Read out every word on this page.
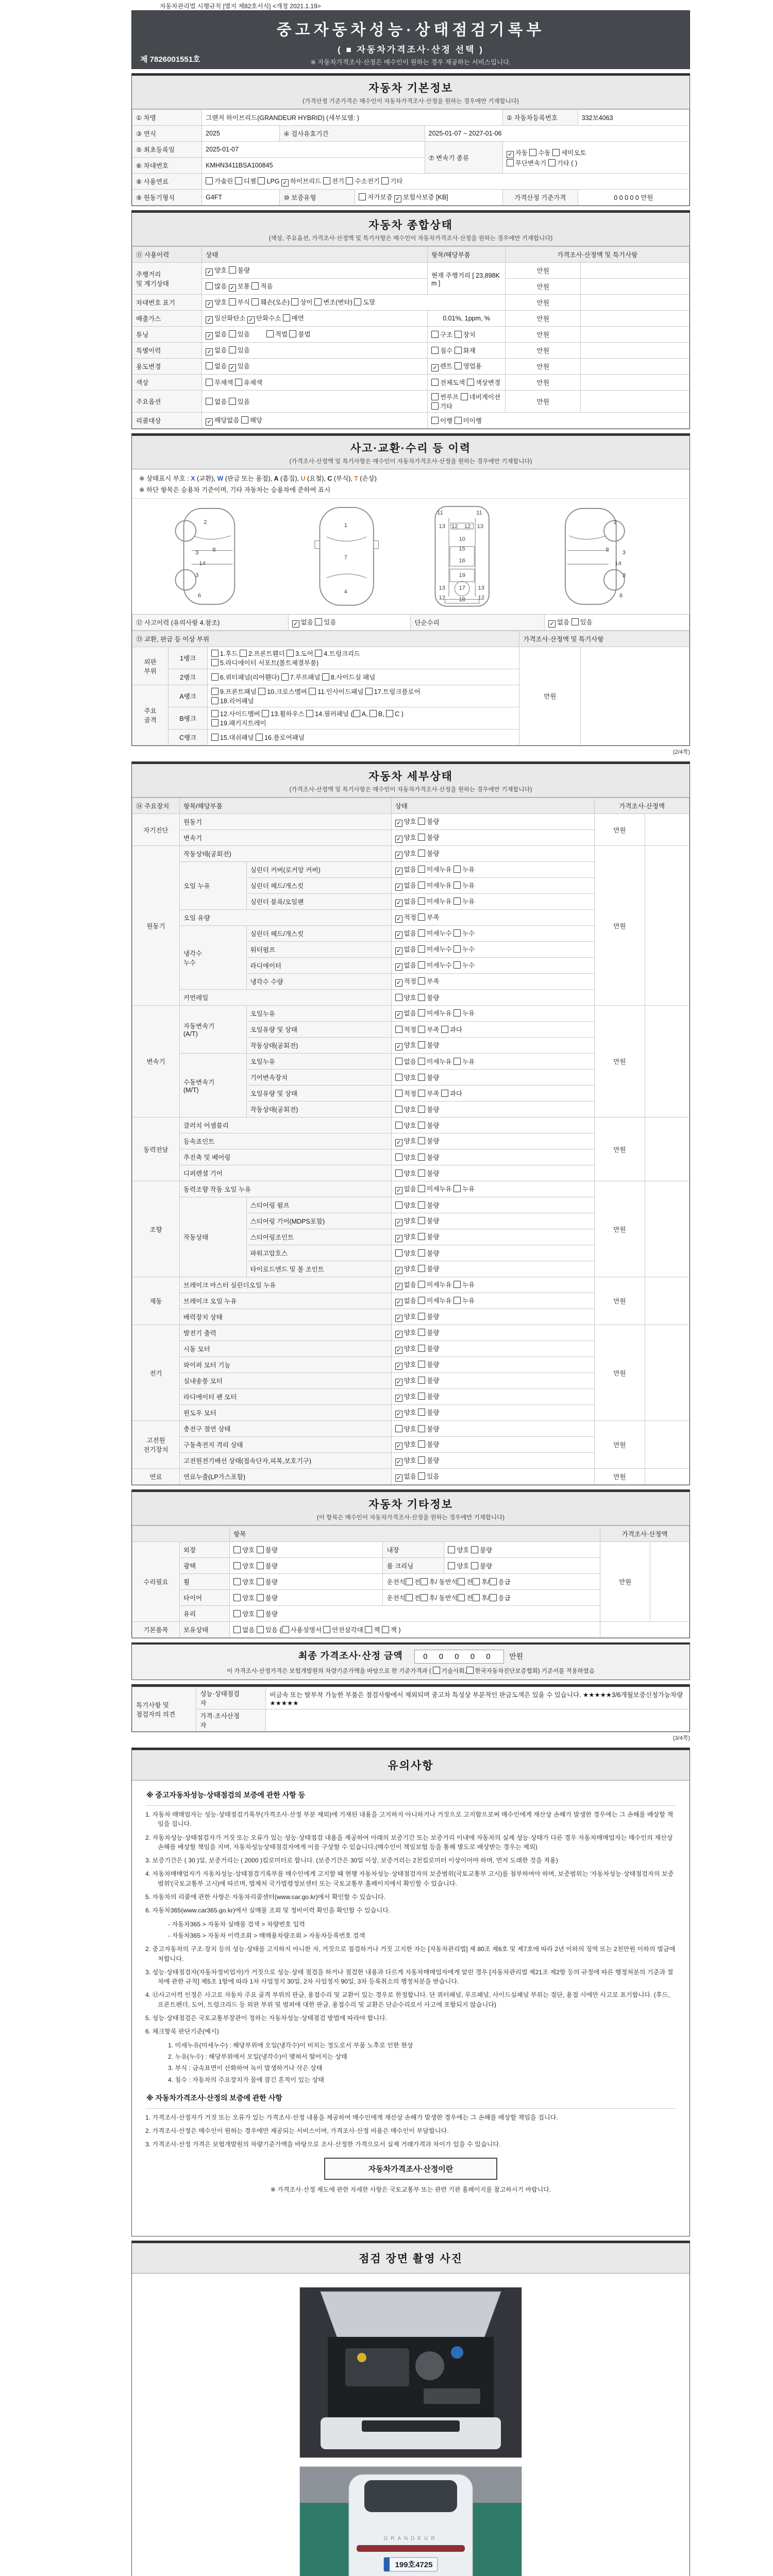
자동차관리법 시행규칙 [별지 제82호서식] <개정 2021.1.19>
중고자동차성능·상태점검기록부
( ■ 자동차가격조사·산정 선택 )
※ 자동차가격조사·산정은 매수인이 원하는 경우 제공하는 서비스입니다.
제 7826001551호
자동차 기본정보
(가격산정 기준가격은 매수인이 자동차가격조사·산정을 원하는 경우에만 기재합니다)
① 차명	그랜저 하이브리드(GRANDEUR HYBRID) (세부모델: )				② 자동차등록번호	332보4063
③ 연식	2025	④ 검사유효기간		2025-01-07 ~ 2027-01-06		
⑤ 최초등록일	2025-01-07			⑦ 변속기 종류	✓ 자동 수동 세미오토
무단변속기 기타 ( )	
⑥ 차대번호	KMHN3411BSA100845					
⑧ 사용연료	가솔린 디젤 LPG ✓ 하이브리드 전기 수소전기 기타					
⑨ 원동기형식	G4FT	⑩ 보증유형	자가보증 ✓ 보험사보증 [KB]		가격산정 기준가격	0 0 0 0 0 만원
자동차 종합상태
(색상, 주요옵션, 가격조사·산정액 및 특기사항은 매수인이 자동차가격조사·산정을 원하는 경우에만 기재합니다)
⑪ 사용이력	상태	항목/해당부품	가격조사·산정액 및 특기사항	
주행거리
및 계기상태	✓ 양호 불량	현재 주행거리 [ 23,898Km ]	만원	
	많음 ✓ 보통 적음		만원	
차대번호 표기	✓ 양호 부식 훼손(오손) 상이 변조(변타) 도말		만원	
배출가스	✓ 일산화탄소 ✓ 탄화수소 매연	0.01%, 1ppm, %	만원	
튜닝	✓ 없음 있음 　　 적법 불법	구조 장치	만원	
특별이력	✓ 없음 있음	침수 화재	만원	
용도변경	없음 ✓ 있음	✓ 렌트 영업용	만원	
색상	무채색 유채색	전체도색 색상변경	만원	
주요옵션	없음 있음	썬루프 네비게이션 기타	만원	
리콜대상	✓ 해당없음 해당	이행 미이행		
사고·교환·수리 등 이력
(가격조사·산정액 및 특기사항은 매수인이 자동차가격조사·산정을 원하는 경우에만 기재합니다)
※ 상태표시 부호 : X (교환), W (판금 또는 용접), A (흠집), U (요철), C (부식), T (손상)
※ 하단 항목은 승용차 기준이며, 기타 자동차는 승용차에 준하여 표시
2
3 8
14
3
6
1
7
4
11	11
13 12 12 13
10
15
16
19
17
18
13	13
12	12
2
3
8
14
3
6
⑫ 사고이력 (유의사항 4.참조)	✓ 없음 있음	단순수리	✓ 없음 있음
⑬ 교환, 판금 등 이상 부위			가격조사·산정액 및 특기사항	
외판
부위	1랭크	1.후드 2.프론트휀더 3.도어 4.트렁크리드
5.라디에이터 서포트(볼트체결부품)	만원	
	2랭크	6.쿼터패널(리어휀다) 7.루프패널 8.사이드실 패널		
주요
골격	A랭크	9.프론트패널 10.크로스멤버 11.인사이드패널 17.트렁크플로어
18.리어패널		
	B랭크	12.사이드멤버 13.휠하우스 14.필러패널 ( A, B, C )
19.패키지트레이		
	C랭크	15.대쉬패널 16.플로어패널		
(2/4쪽)
자동차 세부상태
(가격조사·산정액 및 특기사항은 매수인이 자동차가격조사·산정을 원하는 경우에만 기재합니다)
⑭ 주요장치	항목/해당부품		상태	가격조사·산정액	
자기진단	원동기		✓ 양호 불량	만원	
	변속기		✓ 양호 불량		
원동기	작동상태(공회전)		✓ 양호 불량	만원	
	오일 누유	실린더 커버(로커암 커버)	✓ 없음 미세누유 누유		
		실린더 헤드/개스킷	✓ 없음 미세누유 누유		
		실린더 블록/오일팬	✓ 없음 미세누유 누유		
	오일 유량		✓ 적정 부족		
	냉각수
누수	실린더 헤드/개스킷	✓ 없음 미세누수 누수		
		워터펌프	✓ 없음 미세누수 누수		
		라디에이터	✓ 없음 미세누수 누수		
		냉각수 수량	✓ 적정 부족		
	커먼레일		양호 불량		
변속기	자동변속기
(A/T)	오일누유	✓ 없음 미세누유 누유	만원	
		오일유량 및 상태	적정 부족 과다		
		작동상태(공회전)	✓ 양호 불량		
	수동변속기
(M/T)	오일누유	없음 미세누유 누유		
		기어변속장치	양호 불량		
		오일유량 및 상태	적정 부족 과다		
		작동상태(공회전)	양호 불량		
동력전달	클러치 어셈블리		양호 불량	만원	
	등속죠인트		✓ 양호 불량		
	추진축 및 베어링		양호 불량		
	디퍼렌셜 기어		양호 불량		
조향	동력조향 작동 오일 누유		✓ 없음 미세누유 누유	만원	
	작동상태	스티어링 펌프	양호 불량		
		스티어링 기어(MDPS포함)	✓ 양호 불량		
		스티어링조인트	✓ 양호 불량		
		파워고압호스	양호 불량		
		타이로드엔드 및 볼 조인트	✓ 양호 불량		
제동	브레이크 마스터 실린더오일 누유		✓ 없음 미세누유 누유	만원	
	브레이크 오일 누유		✓ 없음 미세누유 누유		
	배력장치 상태		✓ 양호 불량		
전기	발전기 출력		✓ 양호 불량	만원	
	시동 모터		✓ 양호 불량		
	와이퍼 모터 기능		✓ 양호 불량		
	실내송풍 모터		✓ 양호 불량		
	라디에이터 팬 모터		✓ 양호 불량		
	윈도우 모터		✓ 양호 불량		
고전원
전기장치	충전구 절연 상태		양호 불량	만원	
	구동축전지 격리 상태		✓ 양호 불량		
	고전원전기배선 상태(접속단자,피복,보호기구)		✓ 양호 불량		
연료	연료누출(LP가스포함)		✓ 없음 있음	만원	
자동차 기타정보
(이 항목은 매수인이 자동차가격조사·산정을 원하는 경우에만 기재합니다)
		항목			가격조사·산정액	
수리필요	외장	양호 불량	내장	양호 불량	만원	
	광택	양호 불량	룸 크리닝	양호 불량		
	휠	양호 불량	운전석 전 후/ 동반석 전 후/ 응급			
	타이어	양호 불량	운전석 전 후/ 동반석 전 후/ 응급			
	유리	양호 불량				
기본품목	보유상태	없음 있음 ( 사용설명서 안전삼각대 잭 잭 )				
최종 가격조사·산정 금액	0 0 0 0 0 만원
이 가격조사·산정가격은 보험개발원의 차량기준가액을 바탕으로 한 기준가격과 ( 기술사회, 한국자동차진단보증협회) 기준서를 적용하였음
특기사항 및
점검자의 의견	성능·상태점검
자	비금속 또는 탈부착 가능한 부품은 점검사항에서 제외되며 중고차 특성상 부분적인 판금도색은 있을 수 있습니다. ★★★★★3/6개월보증신청가능차량★★★★★
	가격·조사산정
자	
(3/4쪽)
유의사항
※ 중고자동차성능·상태점검의 보증에 관한 사항 등
1. 자동차 매매업자는 성능·상태점검기록부(가격조사·산정 부분 제외)에 기재된 내용을 고지하지 아니하거나 거짓으로 고지함으로써 매수인에게 재산상 손해가 발생한 경우에는 그 손해를 배상할 책임을 집니다.
2. 자동차성능·상태점검자가 거짓 또는 오류가 있는 성능·상태점검 내용을 제공하여 아래의 보증기간 또는 보증거리 이내에 자동차의 실제 성능·상태가 다른 경우 자동차매매업자는 매수인의 재산상 손해를 배상할 책임을 지며, 자동차성능상태점검자에게 이를 구상할 수 있습니다.(매수인이 책임보험 등을 통해 별도로 배상받는 경우는 제외)
3. 보증기간은 ( 30 )일, 보증거리는 ( 2000 )킬로미터로 합니다. (보증기간은 30일 이상, 보증거리는 2천킬로미터 이상이어야 하며, 먼저 도래한 것을 적용)
4. 자동차매매업자가 자동차성능·상태점검기록부를 매수인에게 고지할 때 현행 자동차성능·상태점검자의 보증범위(국토교통부 고시)를 첨부하여야 하며, 보증범위는 '자동차성능·상태점검자의 보증범위'(국토교통부 고시)에 따르며, 법제처 국가법령정보센터 또는 국토교통부 홈페이지에서 확인할 수 있습니다.
5. 자동차의 리콜에 관한 사항은 자동차리콜센터(www.car.go.kr)에서 확인할 수 있습니다.
6. 자동차365(www.car365.go.kr)에서 실매물 조회 및 정비이력 확인을 확인할 수 있습니다.
- 자동차365 > 자동차 실매물 검색 > 차량번호 입력
- 자동차365 > 자동차 이력조회 > 매매용차량조회 > 자동차등록번호 검색
2. 중고자동차의 구조·장치 등의 성능·상태를 고지하지 아니한 자, 거짓으로 점검하거나 거짓 고지한 자는 [자동차관리법] 제 80조 제6호 및 제7호에 따라 2년 이하의 징역 또는 2천만원 이하의 벌금에 처합니다.
3. 성능·상태점검자(자동차정비업자)가 거짓으로 성능·상태 점검을 하거나 점검한 내용과 다르게 자동차매매업자에게 알린 경우 [자동차관리법 제21조 제2항 등의 규정에 따른 행정처분의 기준과 절차에 관한 규칙] 제5조 1항에 따라 1차 사업정지 30일, 2차 사업정지 90일, 3차 등록취소의 행정처분을 받습니다.
4. ⑫사고이력 인정은 사고로 자동차 주요 골격 부위의 판금, 용접수리 및 교환이 있는 경우로 한정합니다. 단 쿼터패널, 루프패널, 사이드실패널 부위는 절단, 용접 시에만 사고로 표기합니다. (후드, 프론트펜더, 도어, 트렁크리드 등 외판 부위 및 범퍼에 대한 판금, 용접수리 및 교환은 단순수리로서 사고에 포함되지 않습니다)
5. 성능·상태점검은 국토교통부장관이 정하는 자동차성능·상태점검 방법에 따라야 합니다.
6. 체크항목 판단기준(예시)
1. 미세누유(미세누수) : 해당부위에 오일(냉각수)이 비치는 정도로서 부품 노후로 인한 현상
2. 누유(누수) : 해당부위에서 오일(냉각수)이 맺혀서 떨어지는 상태
3. 부식 : 금속표면이 산화하여 녹이 발생하거나 삭은 상태
4. 침수 : 자동차의 주요장치가 물에 잠긴 흔적이 있는 상태
※ 자동차가격조사·산정의 보증에 관한 사항
1. 가격조사·산정자가 거짓 또는 오류가 있는 가격조사·산정 내용을 제공하여 매수인에게 재산상 손해가 발생한 경우에는 그 손해를 배상할 책임을 집니다.
2. 가격조사·산정은 매수인이 원하는 경우에만 제공되는 서비스이며, 가격조사·산정 비용은 매수인이 부담합니다.
3. 가격조사·산정 가격은 보험개발원의 차량기준가액을 바탕으로 조사·산정한 가격으로서 실제 거래가격과 차이가 있을 수 있습니다.
자동차가격조사·산정이란
※ 가격조사·산정 제도에 관한 자세한 사항은 국토교통부 또는 관련 기관 홈페이지를 참고하시기 바랍니다.
점검 장면 촬영 사진
GRANDEUR
199호4725
